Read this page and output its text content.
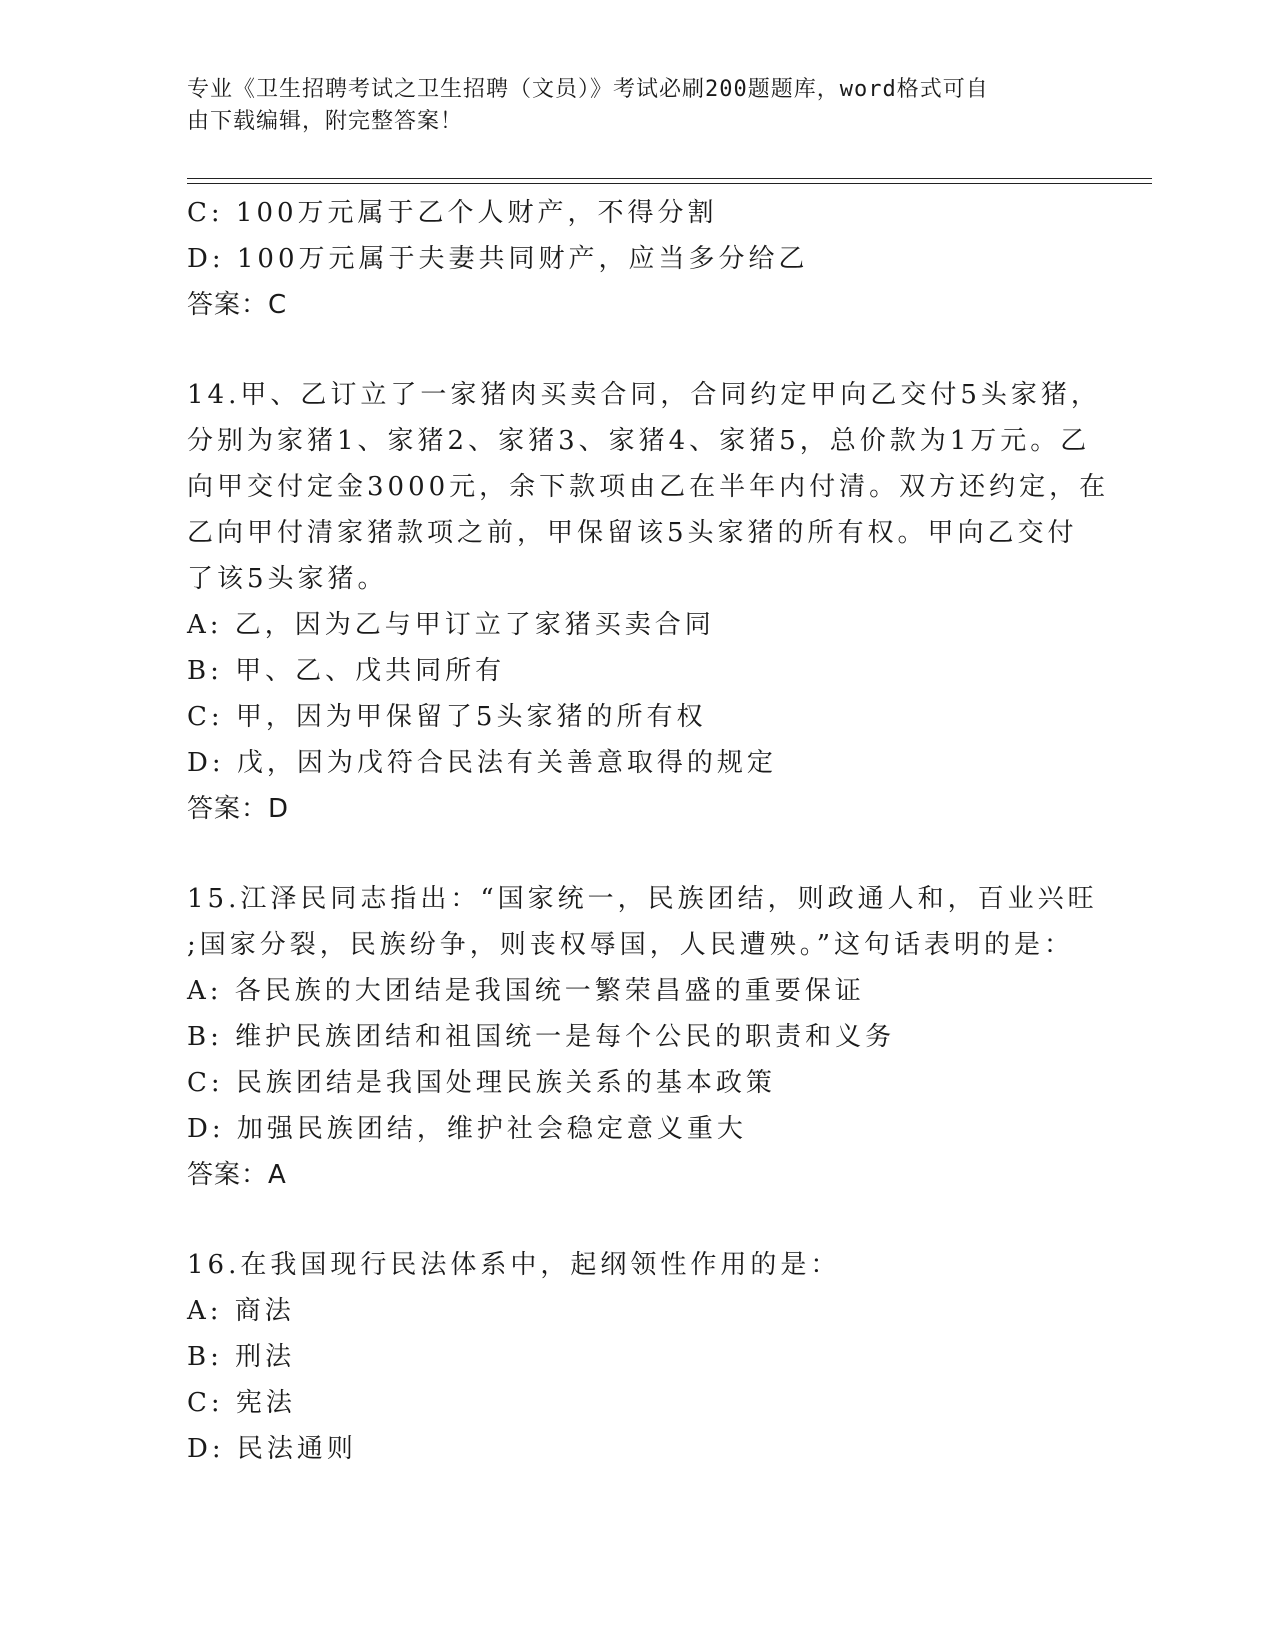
专业《卫生招聘考试之卫生招聘（文员）》考试必刷200题题库，word格式可自
由下载编辑，附完整答案！
C: 100万元属于乙个人财产，不得分割
D: 100万元属于夫妻共同财产，应当多分给乙
答案：C
14.甲、乙订立了一家猪肉买卖合同，合同约定甲向乙交付5头家猪，
分别为家猪1、家猪2、家猪3、家猪4、家猪5，总价款为1万元。乙
向甲交付定金3000元，余下款项由乙在半年内付清。双方还约定，在
乙向甲付清家猪款项之前，甲保留该5头家猪的所有权。甲向乙交付
了该5头家猪。
A: 乙，因为乙与甲订立了家猪买卖合同
B: 甲、乙、戊共同所有
C: 甲，因为甲保留了5头家猪的所有权
D: 戊，因为戊符合民法有关善意取得的规定
答案：D
15.江泽民同志指出：“国家统一，民族团结，则政通人和，百业兴旺
;国家分裂，民族纷争，则丧权辱国，人民遭殃。”这句话表明的是：
A: 各民族的大团结是我国统一繁荣昌盛的重要保证
B: 维护民族团结和祖国统一是每个公民的职责和义务
C: 民族团结是我国处理民族关系的基本政策
D: 加强民族团结，维护社会稳定意义重大
答案：A
16.在我国现行民法体系中，起纲领性作用的是：
A: 商法
B: 刑法
C: 宪法
D: 民法通则
